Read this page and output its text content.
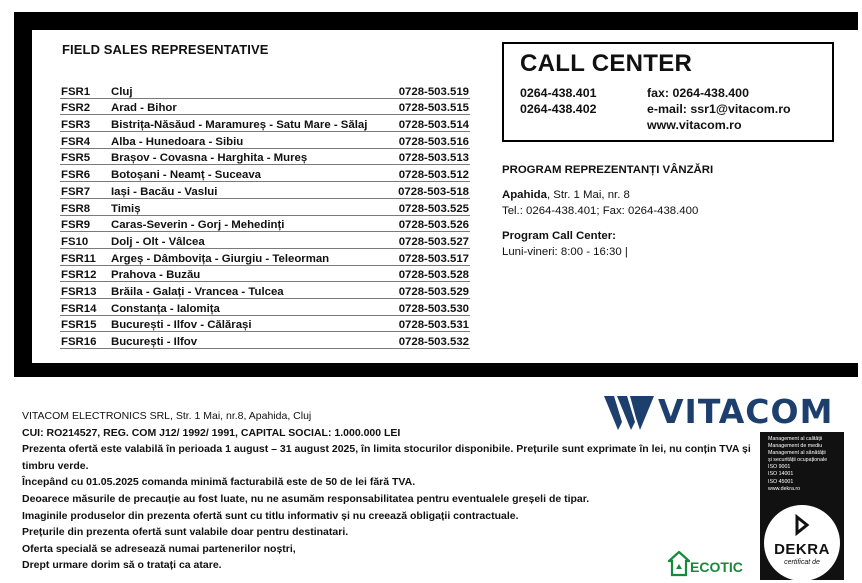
FIELD SALES REPRESENTATIVE
FSR1	Cluj	0728-503.519
FSR2	Arad - Bihor	0728-503.515
FSR3	Bistrița-Năsăud - Maramureș - Satu Mare - Sălaj	0728-503.514
FSR4	Alba - Hunedoara - Sibiu	0728-503.516
FSR5	Brașov - Covasna - Harghita - Mureș	0728-503.513
FSR6	Botoșani - Neamț - Suceava	0728-503.512
FSR7	Iași - Bacău - Vaslui	0728-503-518
FSR8	Timiș	0728-503.525
FSR9	Caras-Severin - Gorj - Mehedinți	0728-503.526
FS10	Dolj - Olt - Vâlcea	0728-503.527
FSR11	Argeș - Dâmbovița - Giurgiu - Teleorman	0728-503.517
FSR12	Prahova - Buzău	0728-503.528
FSR13	Brăila - Galați - Vrancea - Tulcea	0728-503.529
FSR14	Constanța - Ialomița	0728-503.530
FSR15	București - Ilfov - Călărași	0728-503.531
FSR16	București - Ilfov	0728-503.532
CALL CENTER
0264-438.401
0264-438.402
fax: 0264-438.400
e-mail: ssr1@vitacom.ro
www.vitacom.ro
PROGRAM REPREZENTANȚI VÂNZĂRI
Apahida, Str. 1 Mai, nr. 8
Tel.: 0264-438.401; Fax: 0264-438.400
Program Call Center:
Luni-vineri: 8:00 - 16:30 |
VITACOM
VITACOM ELECTRONICS SRL, Str. 1 Mai, nr.8, Apahida, Cluj
CUI: RO214527, REG. COM J12/ 1992/ 1991, CAPITAL SOCIAL: 1.000.000 LEI
Prezenta ofertă este valabilă în perioada 1 august – 31 august 2025, în limita stocurilor disponibile. Prețurile sunt exprimate în lei, nu conțin TVA și timbru verde.
Începând cu 01.05.2025 comanda minimă facturabilă este de 50 de lei fără TVA.
Deoarece măsurile de precauție au fost luate, nu ne asumăm responsabilitatea pentru eventualele greșeli de tipar.
Imaginile produselor din prezenta ofertă sunt cu titlu informativ și nu creează obligații contractuale.
Prețurile din prezenta ofertă sunt valabile doar pentru destinatari.
Oferta specială se adresează numai partenerilor noștri,
Drept urmare dorim să o tratați ca atare.
Management al calității
Management de mediu
Management al sănătății
și securității ocupaționale
ISO 9001
ISO 14001
ISO 45001
www.dekra.ro
DEKRA
certificat de
ECOTIC
